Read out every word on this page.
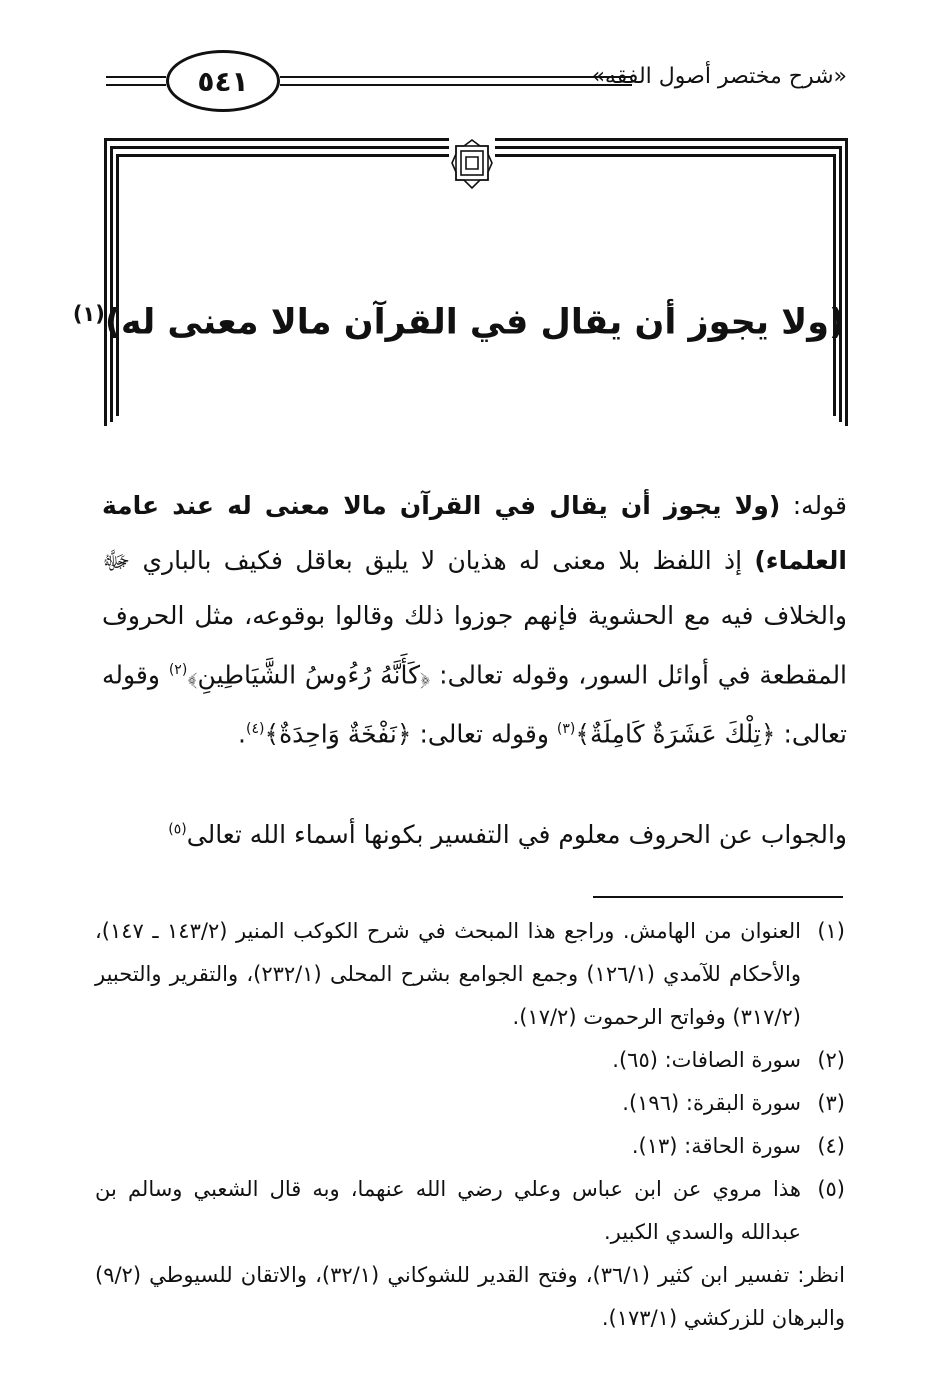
٥٤١	«شرح مختصر أصول الفقه»
(ولا يجوز أن يقال في القرآن مالا معنى له)$^{(١)}$
قوله: (ولا يجوز أن يقال في القرآن مالا معنى له عند عامة العلماء) إذ اللفظ بلا معنى له هذيان لا يليق بعاقل فكيف بالباري ﷻ والخلاف فيه مع الحشوية فإنهم جوزوا ذلك وقالوا بوقوعه، مثل الحروف المقطعة في أوائل السور، وقوله تعالى: ﴿كَأَنَّهُ رُءُوسُ الشَّيَاطِينِ﴾$^{(٢)}$ وقوله تعالى: ﴿تِلْكَ عَشَرَةٌ كَامِلَةٌ﴾$^{(٣)}$ وقوله تعالى: ﴿نَفْخَةٌ وَاحِدَةٌ﴾$^{(٤)}$.
والجواب عن الحروف معلوم في التفسير بكونها أسماء الله تعالى$^{(٥)}$
(١)
العنوان من الهامش. وراجع هذا المبحث في شرح الكوكب المنير (١٤٣/٢ ـ ١٤٧)، والأحكام للآمدي (١٢٦/١) وجمع الجوامع بشرح المحلى (٢٣٢/١)، والتقرير والتحبير (٣١٧/٢) وفواتح الرحموت (١٧/٢).
(٢)
سورة الصافات: (٦٥).
(٣)
سورة البقرة: (١٩٦).
(٤)
سورة الحاقة: (١٣).
(٥)
هذا مروي عن ابن عباس وعلي رضي الله عنهما، وبه قال الشعبي وسالم بن عبدالله والسدي الكبير.
انظر: تفسير ابن كثير (٣٦/١)، وفتح القدير للشوكاني (٣٢/١)، والاتقان للسيوطي (٩/٢) والبرهان للزركشي (١٧٣/١).
